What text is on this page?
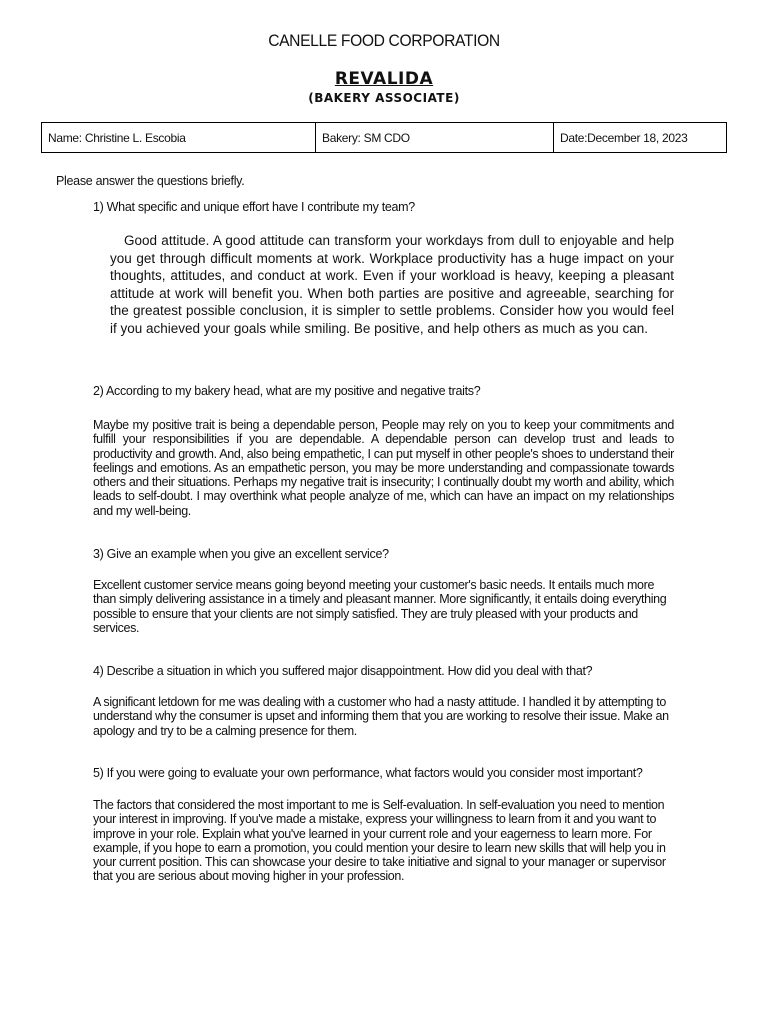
CANELLE FOOD CORPORATION
REVALIDA
(BAKERY ASSOCIATE)
Name: Christine L. Escobia	Bakery: SM CDO	Date:December 18, 2023
Please answer the questions briefly.
1) What specific and unique effort have I contribute my team?
Good attitude. A good attitude can transform your workdays from dull to enjoyable and help you get through difficult moments at work. Workplace productivity has a huge impact on your thoughts, attitudes, and conduct at work. Even if your workload is heavy, keeping a pleasant attitude at work will benefit you. When both parties are positive and agreeable, searching for the greatest possible conclusion, it is simpler to settle problems. Consider how you would feel if you achieved your goals while smiling. Be positive, and help others as much as you can.
2) According to my bakery head, what are my positive and negative traits?
Maybe my positive trait is being a dependable person, People may rely on you to keep your commitments and fulfill your responsibilities if you are dependable. A dependable person can develop trust and leads to productivity and growth. And, also being empathetic, I can put myself in other people's shoes to understand their feelings and emotions. As an empathetic person, you may be more understanding and compassionate towards others and their situations. Perhaps my negative trait is insecurity; I continually doubt my worth and ability, which leads to self-doubt. I may overthink what people analyze of me, which can have an impact on my relationships and my well-being.
3) Give an example when you give an excellent service?
Excellent customer service means going beyond meeting your customer's basic needs. It entails much more than simply delivering assistance in a timely and pleasant manner. More significantly, it entails doing everything possible to ensure that your clients are not simply satisfied. They are truly pleased with your products and services.
4) Describe a situation in which you suffered major disappointment. How did you deal with that?
A significant letdown for me was dealing with a customer who had a nasty attitude. I handled it by attempting to understand why the consumer is upset and informing them that you are working to resolve their issue. Make an apology and try to be a calming presence for them.
5) If you were going to evaluate your own performance, what factors would you consider most important?
The factors that considered the most important to me is Self-evaluation. In self-evaluation you need to mention your interest in improving. If you've made a mistake, express your willingness to learn from it and you want to improve in your role. Explain what you've learned in your current role and your eagerness to learn more. For example, if you hope to earn a promotion, you could mention your desire to learn new skills that will help you in your current position. This can showcase your desire to take initiative and signal to your manager or supervisor that you are serious about moving higher in your profession.
